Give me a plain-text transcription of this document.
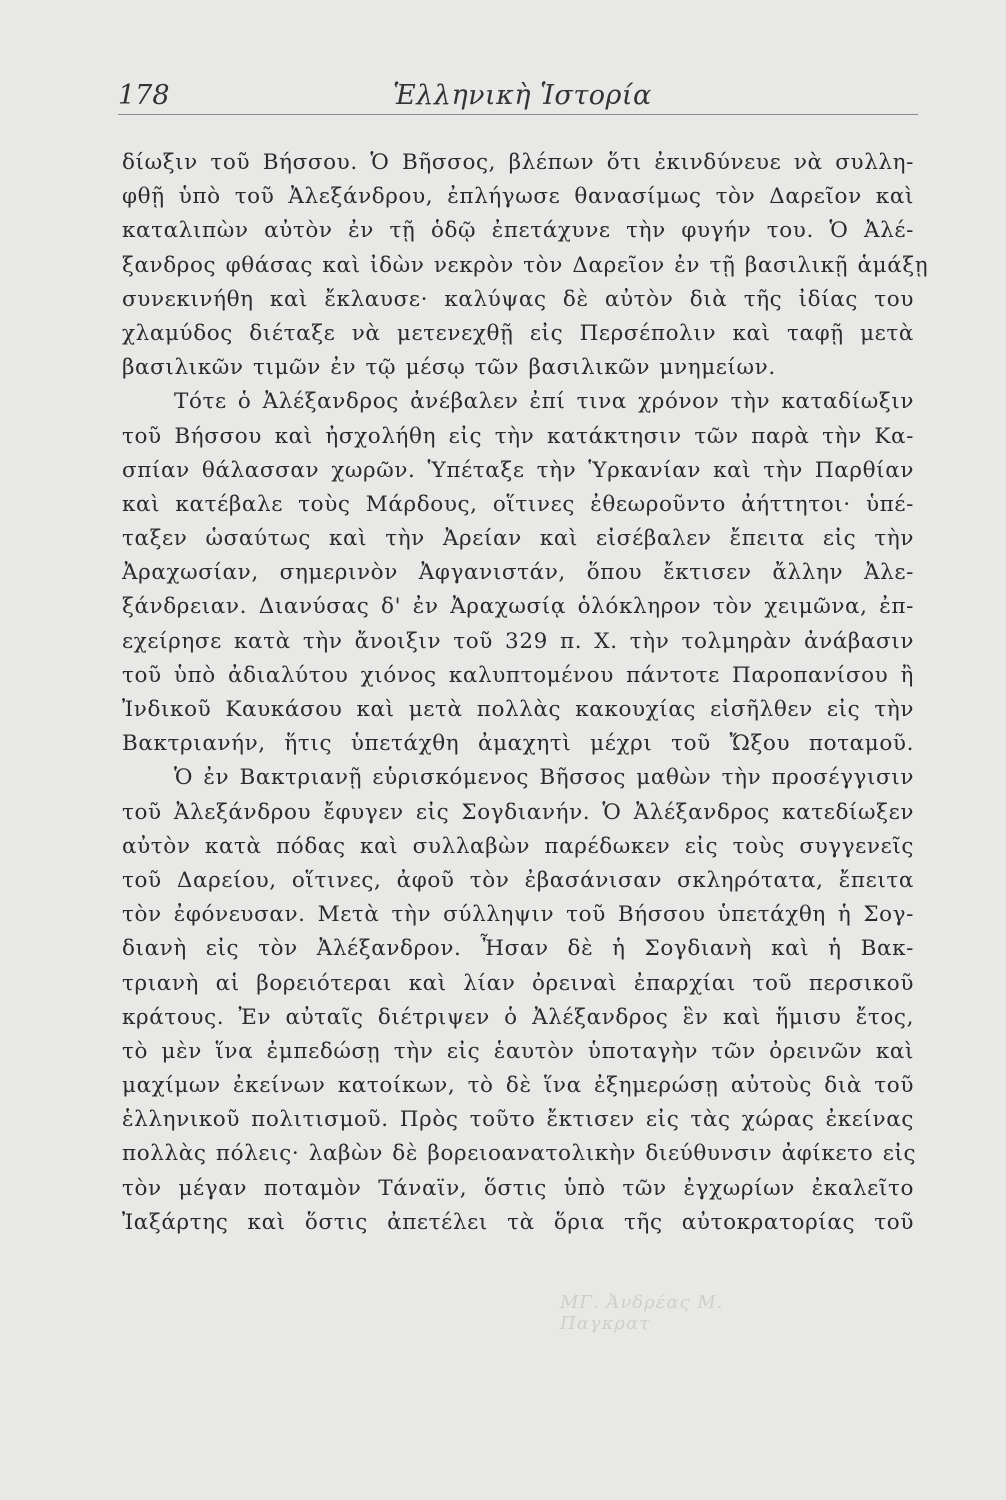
178	Ἑλληνικὴ Ἱστορία
δίωξιν τοῦ Βήσσου. Ὁ Βῆσσος, βλέπων ὅτι ἐκινδύνευε νὰ συλλη-
φθῇ ὑπὸ τοῦ Ἀλεξάνδρου, ἐπλήγωσε θανασίμως τὸν Δαρεῖον καὶ
καταλιπὼν αὐτὸν ἐν τῇ ὁδῷ ἐπετάχυνε τὴν φυγήν του. Ὁ Ἀλέ-
ξανδρος φθάσας καὶ ἰδὼν νεκρὸν τὸν Δαρεῖον ἐν τῇ βασιλικῇ ἁμάξῃ
συνεκινήθη καὶ ἔκλαυσε· καλύψας δὲ αὐτὸν διὰ τῆς ἰδίας του
χλαμύδος διέταξε νὰ μετενεχθῇ εἰς Περσέπολιν καὶ ταφῇ μετὰ
βασιλικῶν τιμῶν ἐν τῷ μέσῳ τῶν βασιλικῶν μνημείων.
Τότε ὁ Ἀλέξανδρος ἀνέβαλεν ἐπί τινα χρόνον τὴν καταδίωξιν
τοῦ Βήσσου καὶ ἠσχολήθη εἰς τὴν κατάκτησιν τῶν παρὰ τὴν Κα-
σπίαν θάλασσαν χωρῶν. Ὑπέταξε τὴν Ὑρκανίαν καὶ τὴν Παρθίαν
καὶ κατέβαλε τοὺς Μάρδους, οἵτινες ἐθεωροῦντο ἀήττητοι· ὑπέ-
ταξεν ὡσαύτως καὶ τὴν Ἀρείαν καὶ εἰσέβαλεν ἔπειτα εἰς τὴν
Ἀραχωσίαν, σημερινὸν Ἀφγανιστάν, ὅπου ἔκτισεν ἄλλην Ἀλε-
ξάνδρειαν. Διανύσας δ' ἐν Ἀραχωσίᾳ ὁλόκληρον τὸν χειμῶνα, ἐπ-
εχείρησε κατὰ τὴν ἄνοιξιν τοῦ 329 π. Χ. τὴν τολμηρὰν ἀνάβασιν
τοῦ ὑπὸ ἀδιαλύτου χιόνος καλυπτομένου πάντοτε Παροπανίσου ἢ
Ἰνδικοῦ Καυκάσου καὶ μετὰ πολλὰς κακουχίας εἰσῆλθεν εἰς τὴν
Βακτριανήν, ἥτις ὑπετάχθη ἀμαχητὶ μέχρι τοῦ Ὤξου ποταμοῦ.
Ὁ ἐν Βακτριανῇ εὑρισκόμενος Βῆσσος μαθὼν τὴν προσέγγισιν
τοῦ Ἀλεξάνδρου ἔφυγεν εἰς Σογδιανήν. Ὁ Ἀλέξανδρος κατεδίωξεν
αὐτὸν κατὰ πόδας καὶ συλλαβὼν παρέδωκεν εἰς τοὺς συγγενεῖς
τοῦ Δαρείου, οἵτινες, ἀφοῦ τὸν ἐβασάνισαν σκληρότατα, ἔπειτα
τὸν ἐφόνευσαν. Μετὰ τὴν σύλληψιν τοῦ Βήσσου ὑπετάχθη ἡ Σογ-
διανὴ εἰς τὸν Ἀλέξανδρον. Ἦσαν δὲ ἡ Σογδιανὴ καὶ ἡ Βακ-
τριανὴ αἱ βορειότεραι καὶ λίαν ὀρειναὶ ἐπαρχίαι τοῦ περσικοῦ
κράτους. Ἐν αὐταῖς διέτριψεν ὁ Ἀλέξανδρος ἓν καὶ ἥμισυ ἔτος,
τὸ μὲν ἵνα ἐμπεδώσῃ τὴν εἰς ἑαυτὸν ὑποταγὴν τῶν ὀρεινῶν καὶ
μαχίμων ἐκείνων κατοίκων, τὸ δὲ ἵνα ἐξημερώσῃ αὐτοὺς διὰ τοῦ
ἑλληνικοῦ πολιτισμοῦ. Πρὸς τοῦτο ἔκτισεν εἰς τὰς χώρας ἐκείνας
πολλὰς πόλεις· λαβὼν δὲ βορειοανατολικὴν διεύθυνσιν ἀφίκετο εἰς
τὸν μέγαν ποταμὸν Τάναϊν, ὅστις ὑπὸ τῶν ἐγχωρίων ἐκαλεῖτο
Ἰαξάρτης καὶ ὅστις ἀπετέλει τὰ ὅρια τῆς αὐτοκρατορίας τοῦ
ΜΓ. Ἀνδρέας Μ. Παγκρατ
